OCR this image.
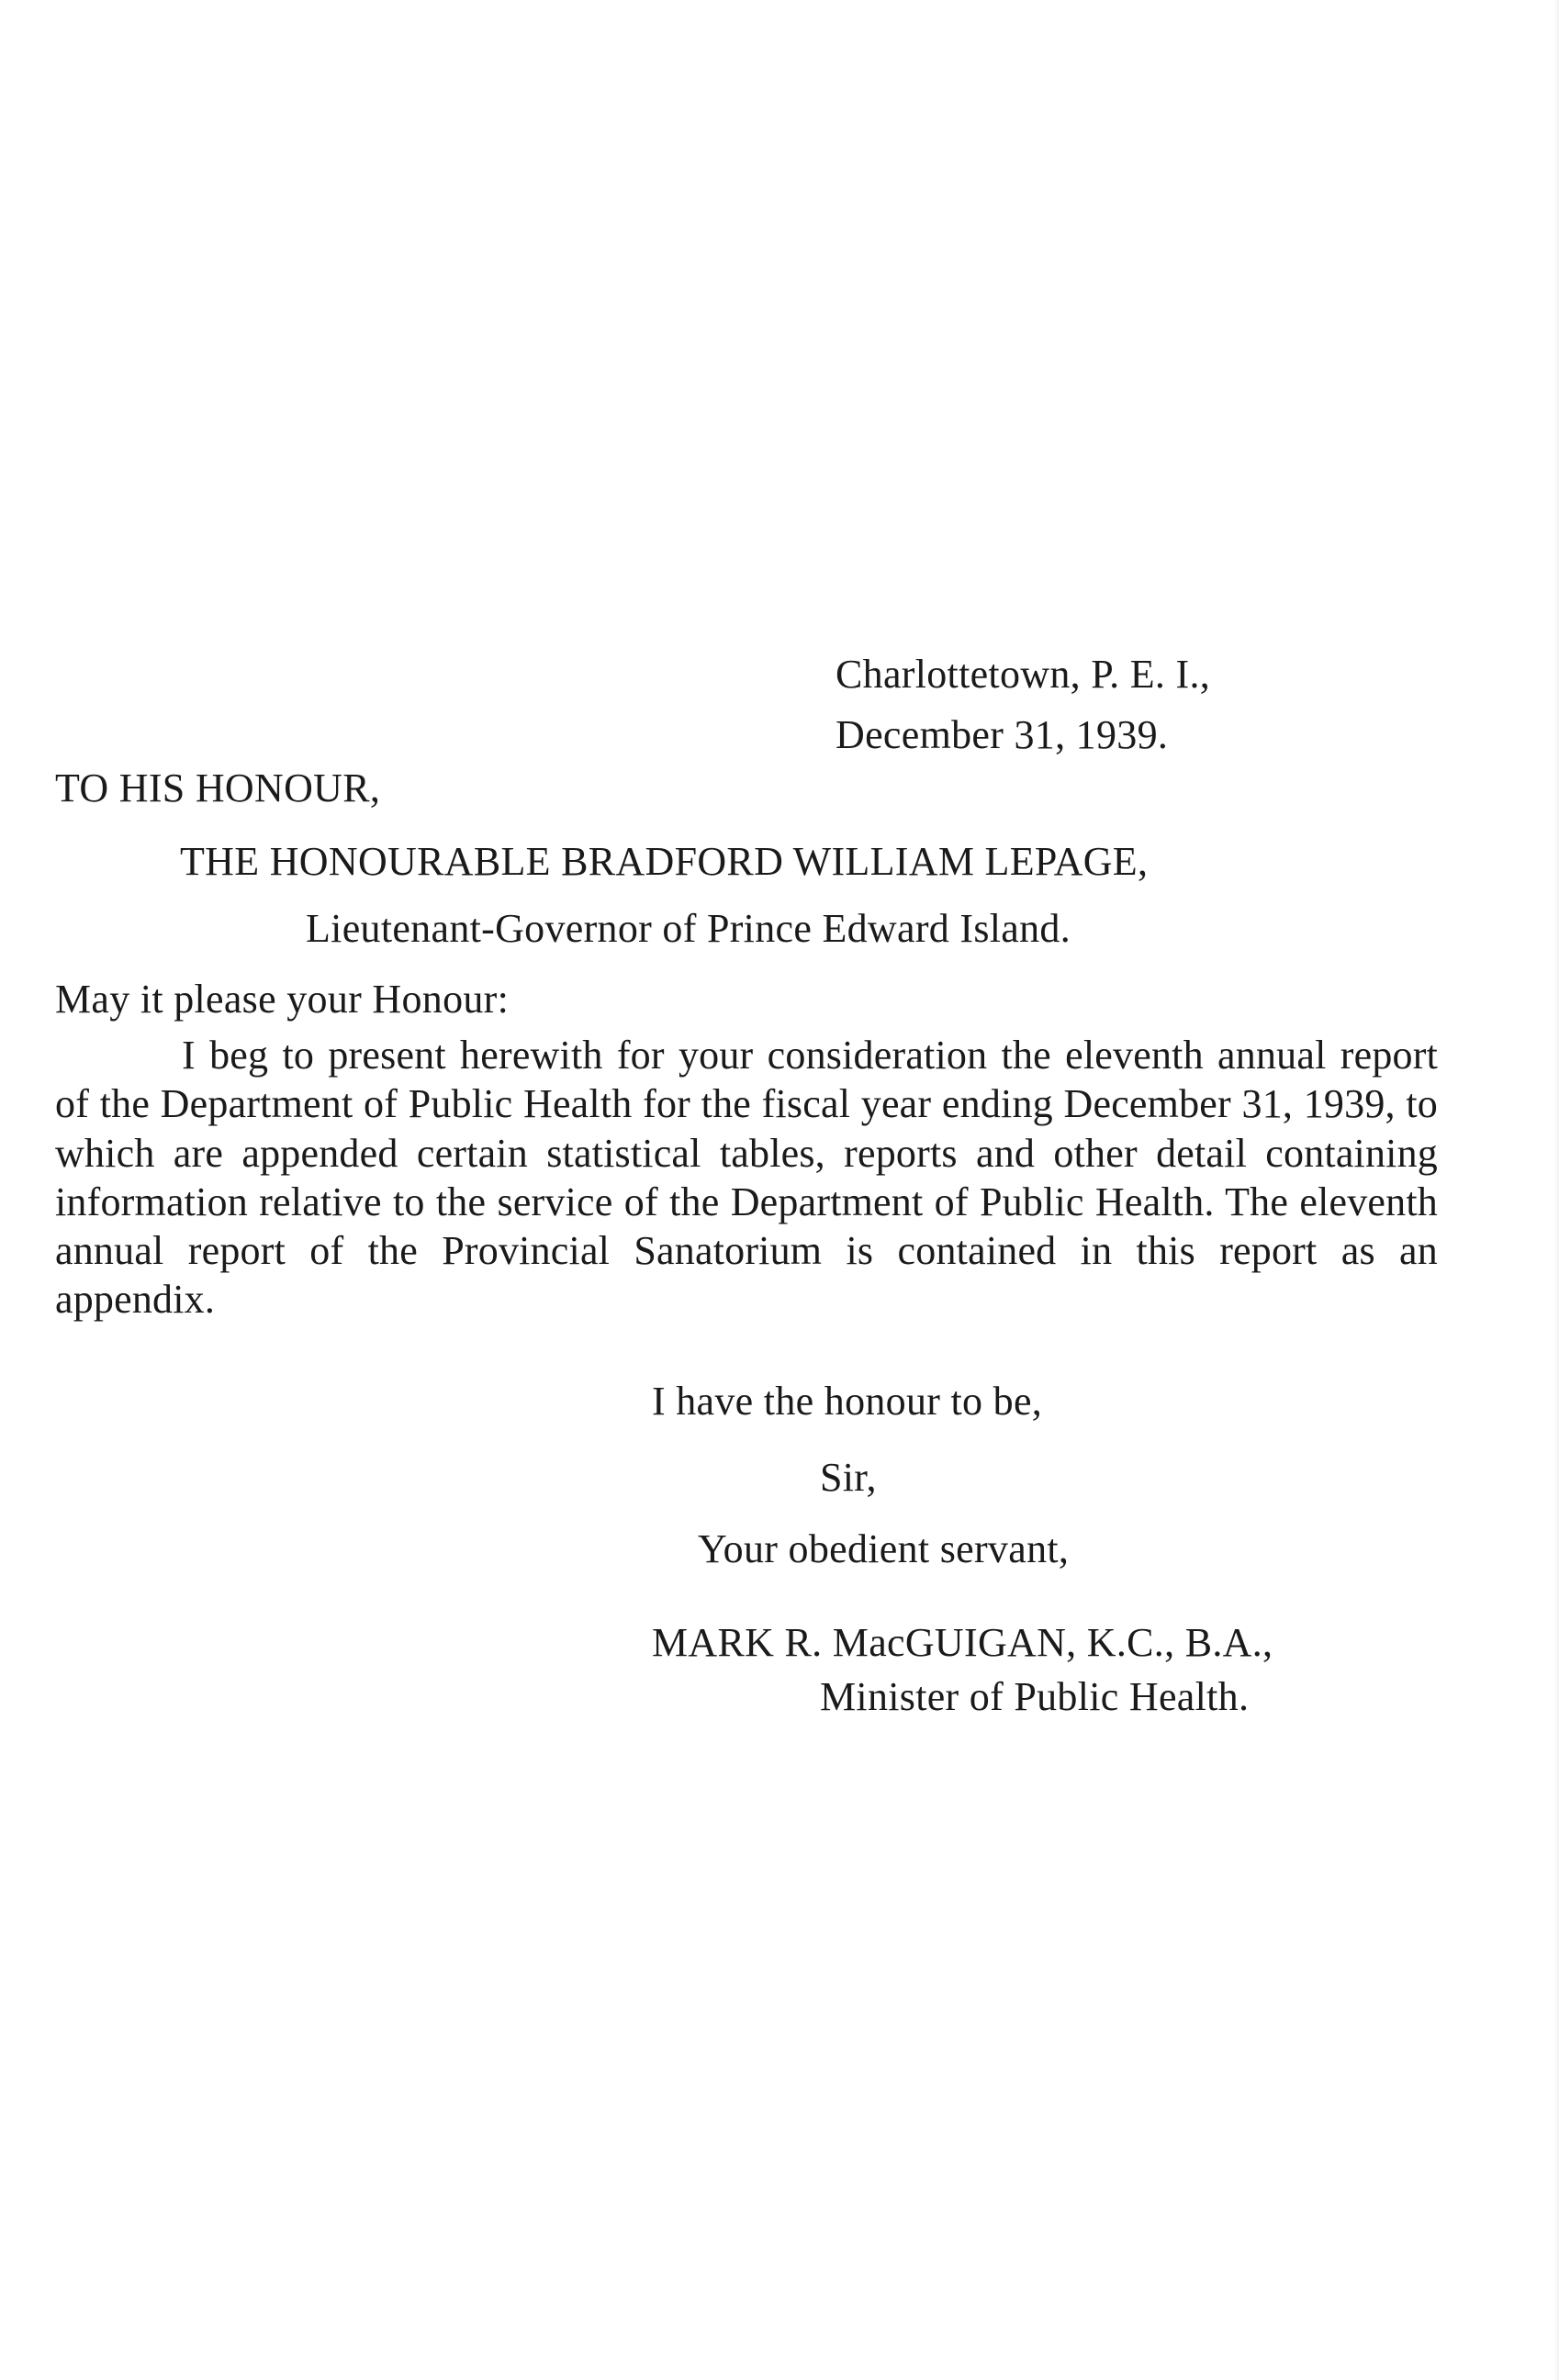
Charlottetown, P. E. I.,
December 31, 1939.
TO HIS HONOUR,
THE HONOURABLE BRADFORD WILLIAM LEPAGE,
Lieutenant-Governor of Prince Edward Island.
May it please your Honour:
I beg to present herewith for your consideration the eleventh annual report of the Department of Public Health for the fiscal year ending December 31, 1939, to which are appended certain statistical tables, reports and other detail containing information relative to the service of the Department of Public Health. The eleventh annual report of the Provincial Sanatorium is contained in this report as an appendix.
I have the honour to be,
Sir,
Your obedient servant,
MARK R. MacGUIGAN, K.C., B.A.,
Minister of Public Health.
